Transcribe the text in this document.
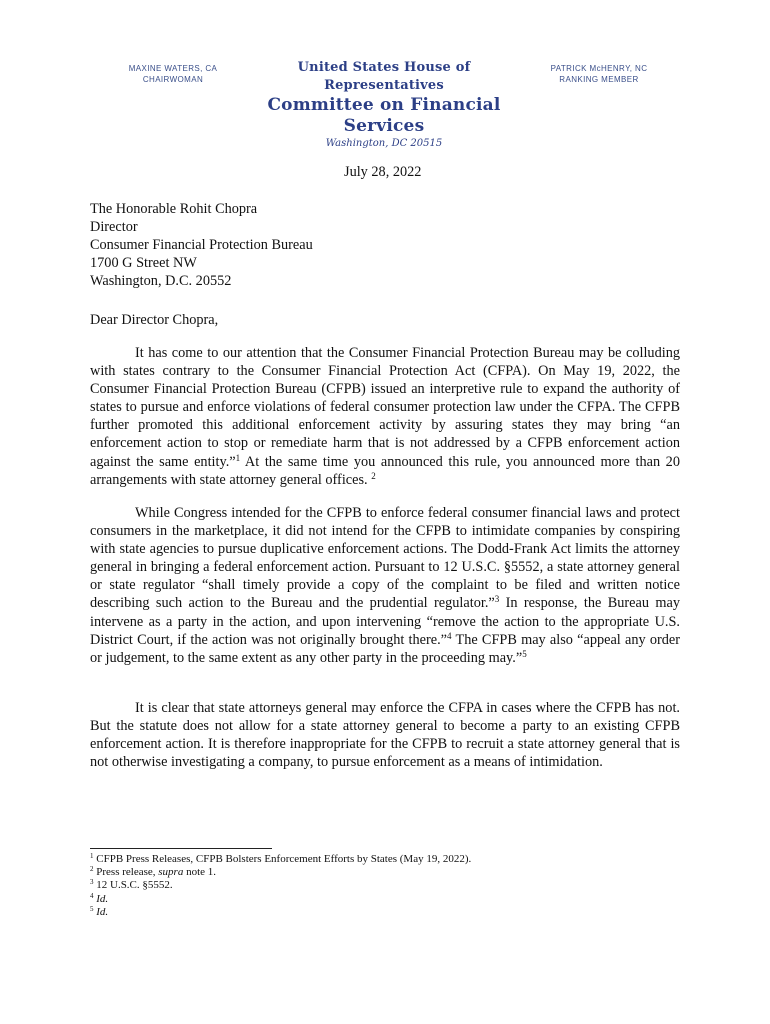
MAXINE WATERS, CA
CHAIRWOMAN
United States House of Representatives
Committee on Financial Services
Washington, DC 20515
PATRICK McHENRY, NC
RANKING MEMBER
July 28, 2022
The Honorable Rohit Chopra
Director
Consumer Financial Protection Bureau
1700 G Street NW
Washington, D.C. 20552
Dear Director Chopra,

It has come to our attention that the Consumer Financial Protection Bureau may be colluding with states contrary to the Consumer Financial Protection Act (CFPA). On May 19, 2022, the Consumer Financial Protection Bureau (CFPB) issued an interpretive rule to expand the authority of states to pursue and enforce violations of federal consumer protection law under the CFPA. The CFPB further promoted this additional enforcement activity by assuring states they may bring “an enforcement action to stop or remediate harm that is not addressed by a CFPB enforcement action against the same entity.”$^1$ At the same time you announced this rule, you announced more than 20 arrangements with state attorney general offices. $^2$

While Congress intended for the CFPB to enforce federal consumer financial laws and protect consumers in the marketplace, it did not intend for the CFPB to intimidate companies by conspiring with state agencies to pursue duplicative enforcement actions. The Dodd-Frank Act limits the attorney general in bringing a federal enforcement action. Pursuant to 12 U.S.C. §5552, a state attorney general or state regulator “shall timely provide a copy of the complaint to be filed and written notice describing such action to the Bureau and the prudential regulator.”$^3$ In response, the Bureau may intervene as a party in the action, and upon intervening “remove the action to the appropriate U.S. District Court, if the action was not originally brought there.”$^4$ The CFPB may also “appeal any order or judgement, to the same extent as any other party in the proceeding may.”$^5$

It is clear that state attorneys general may enforce the CFPA in cases where the CFPB has not. But the statute does not allow for a state attorney general to become a party to an existing CFPB enforcement action. It is therefore inappropriate for the CFPB to recruit a state attorney general that is not otherwise investigating a company, to pursue enforcement as a means of intimidation.

$^1$ CFPB Press Releases, CFPB Bolsters Enforcement Efforts by States (May 19, 2022).
$^2$ Press release, supra note 1.
$^3$ 12 U.S.C. §5552.
$^4$ Id.
$^5$ Id.
